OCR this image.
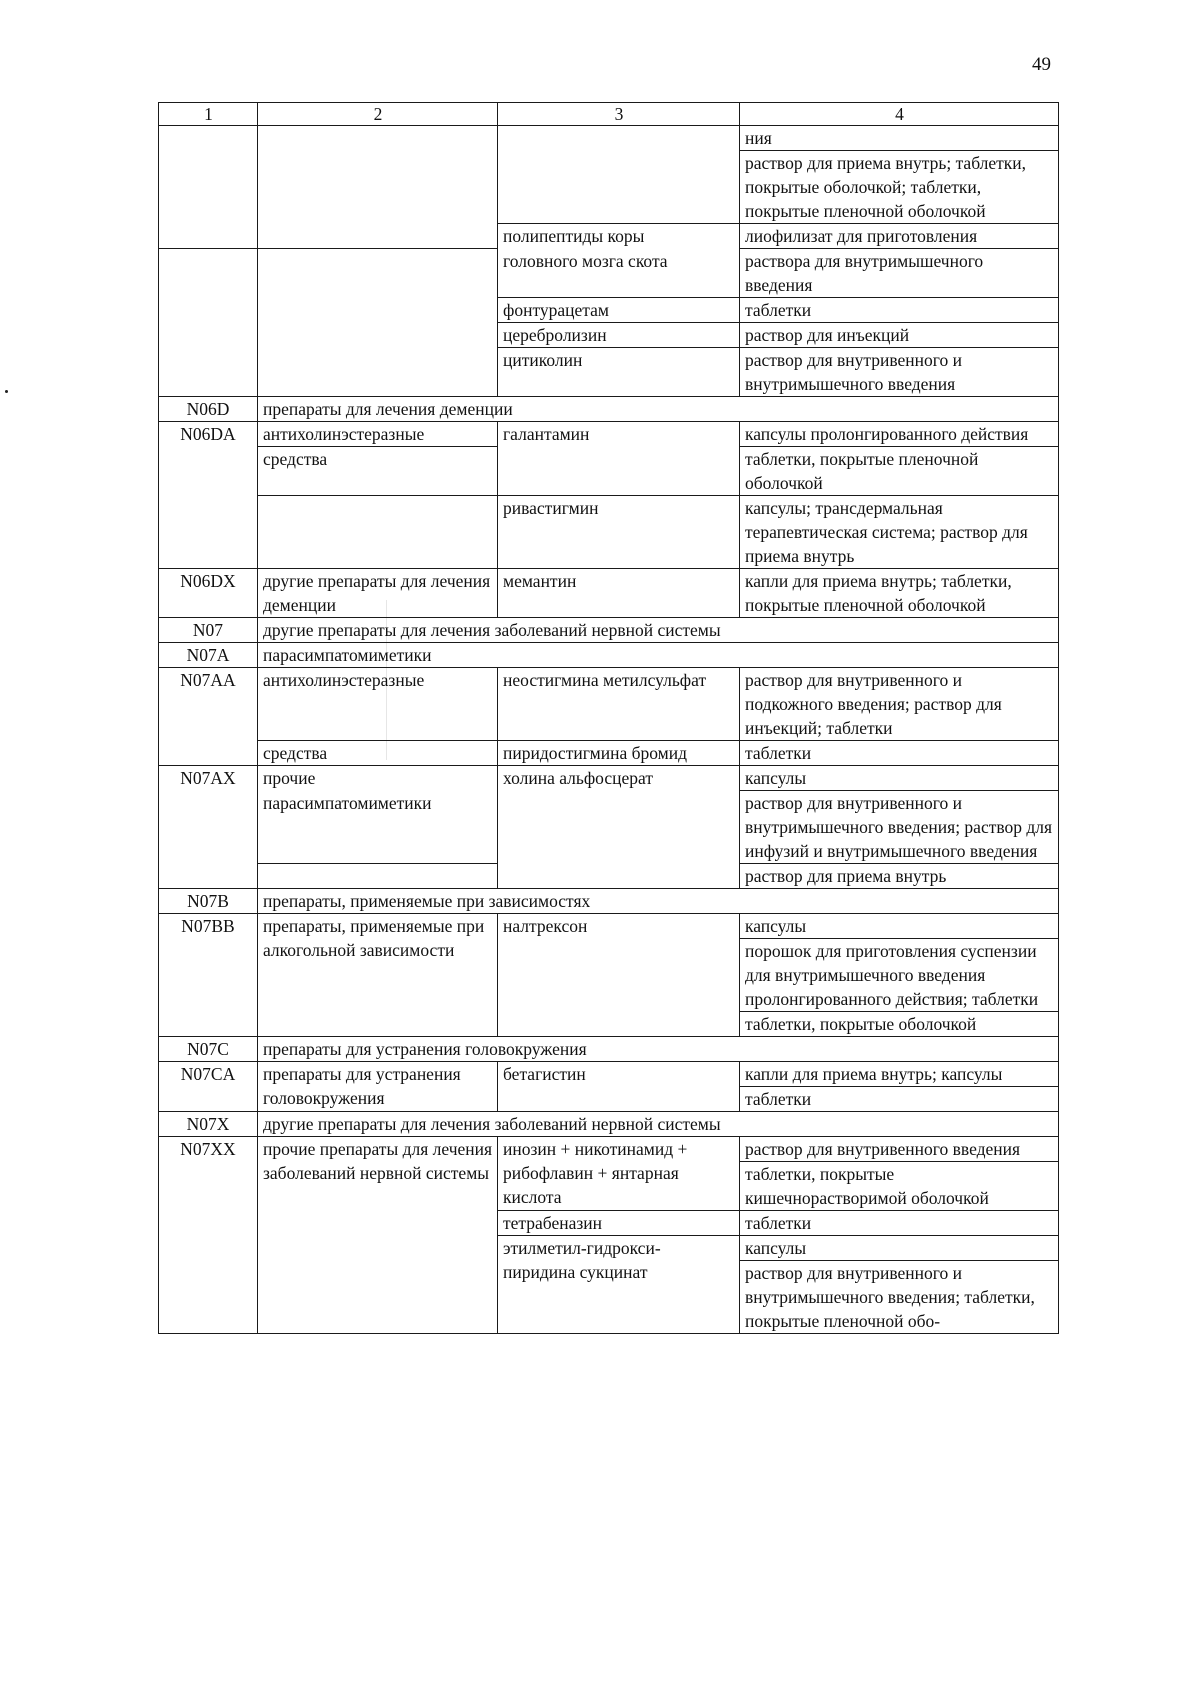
49
1	2	3	4
			ния
			раствор для приема внутрь; таблетки, покрытые оболочкой; таблетки, покрытые пленочной оболочкой
		полипептиды коры	лиофилизат для приготовления
		головного мозга скота	раствора для внутримышечного введения
		фонтурацетам	таблетки
		церебролизин	раствор для инъекций
		цитиколин	раствор для внутривенного и внутримышечного введения
N06D	препараты для лечения деменции		
N06DA	антихолинэстеразные	галантамин	капсулы пролонгированного действия
	средства		таблетки, покрытые пленочной оболочкой
		ривастигмин	капсулы; трансдермальная терапевтическая система; раствор для приема внутрь
N06DX	другие препараты для лечения деменции	мемантин	капли для приема внутрь; таблетки, покрытые пленочной оболочкой
N07	другие препараты для лечения заболеваний нервной системы		
N07A	парасимпатомиметики		
N07AA	антихолинэстеразные	неостигмина метилсульфат	раствор для внутривенного и подкожного введения; раствор для инъекций; таблетки
	средства	пиридостигмина бромид	таблетки
N07AX	прочие	холина альфосцерат	капсулы
	парасимпатомиметики		раствор для внутривенного и внутримышечного введения; раствор для инфузий и внутримышечного введения
			раствор для приема внутрь
N07B	препараты, применяемые при зависимостях		
N07BB	препараты, применяемые при алкогольной зависимости	налтрексон	капсулы
			порошок для приготовления суспензии для внутримышечного введения пролонгированного действия; таблетки
			таблетки, покрытые оболочкой
N07C	препараты для устранения головокружения		
N07CA	препараты для устранения головокружения	бетагистин	капли для приема внутрь; капсулы
			таблетки
N07X	другие препараты для лечения заболеваний нервной системы		
N07XX	прочие препараты для лечения заболеваний нервной системы	инозин + никотинамид + рибофлавин + янтарная кислота	раствор для внутривенного введения
			таблетки, покрытые кишечнорастворимой оболочкой
		тетрабеназин	таблетки
		этилметил-гидрокси- пиридина сукцинат	капсулы
			раствор для внутривенного и внутримышечного введения; таблетки, покрытые пленочной обо-
